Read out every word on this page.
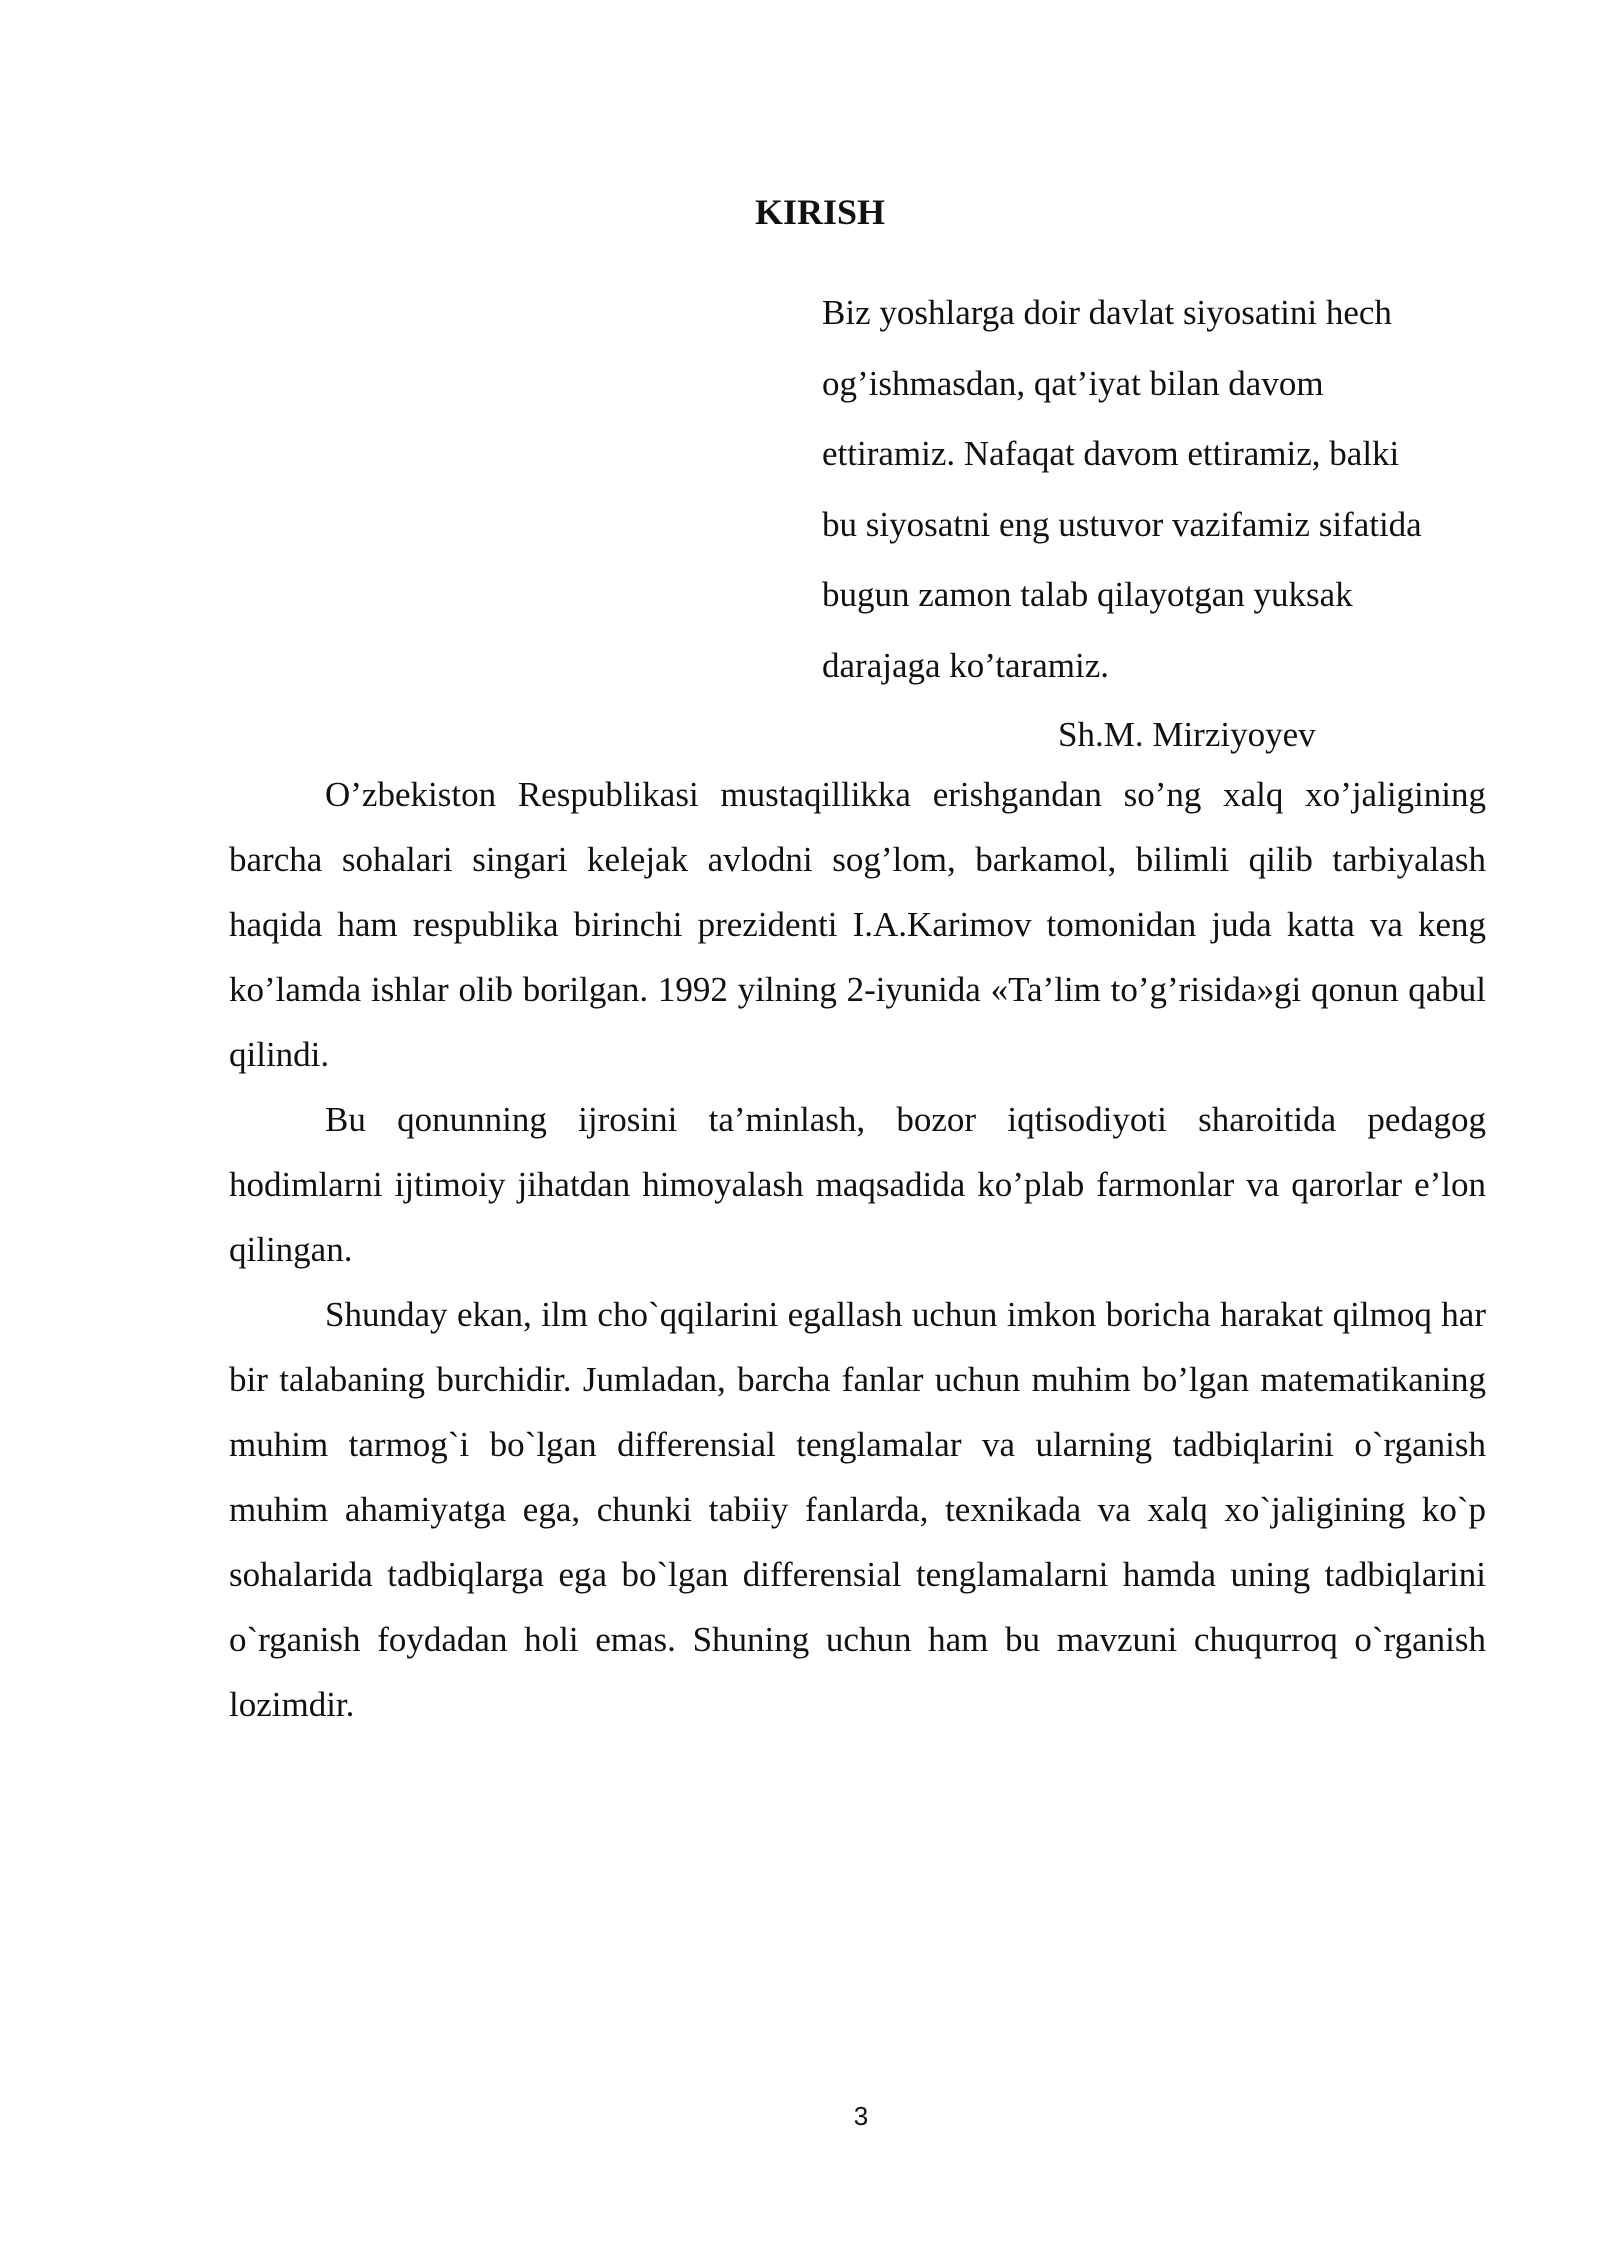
KIRISH
Biz yoshlarga doir davlat siyosatini hech
og’ishmasdan, qat’iyat bilan davom
ettiramiz. Nafaqat davom ettiramiz, balki
bu siyosatni eng ustuvor vazifamiz sifatida
bugun zamon talab qilayotgan yuksak
darajaga ko’taramiz.

Sh.M. Mirziyoyev

O’zbekiston Respublikasi mustaqillikka erishgandan so’ng xalq xo’jaligining barcha sohalari singari kelejak avlodni sog’lom, barkamol, bilimli qilib tarbiyalash haqida ham respublika birinchi prezidenti I.A.Karimov tomonidan juda katta va keng ko’lamda ishlar olib borilgan. 1992 yilning 2-iyunida «Ta’lim to’g’risida»gi qonun qabul qilindi.

Bu qonunning ijrosini ta’minlash, bozor iqtisodiyoti sharoitida pedagog hodimlarni ijtimoiy jihatdan himoyalash maqsadida ko’plab farmonlar va qarorlar e’lon qilingan.

Shunday ekan, ilm cho`qqilarini egallash uchun imkon boricha harakat qilmoq har bir talabaning burchidir. Jumladan, barcha fanlar uchun muhim bo’lgan matematikaning muhim tarmog`i bo`lgan differensial tenglamalar va ularning tadbiqlarini o`rganish muhim ahamiyatga ega, chunki tabiiy fanlarda, texnikada va xalq xo`jaligining ko`p sohalarida tadbiqlarga ega bo`lgan differensial tenglamalarni hamda uning tadbiqlarini o`rganish foydadan holi emas. Shuning uchun ham bu mavzuni chuqurroq o`rganish lozimdir.

3
